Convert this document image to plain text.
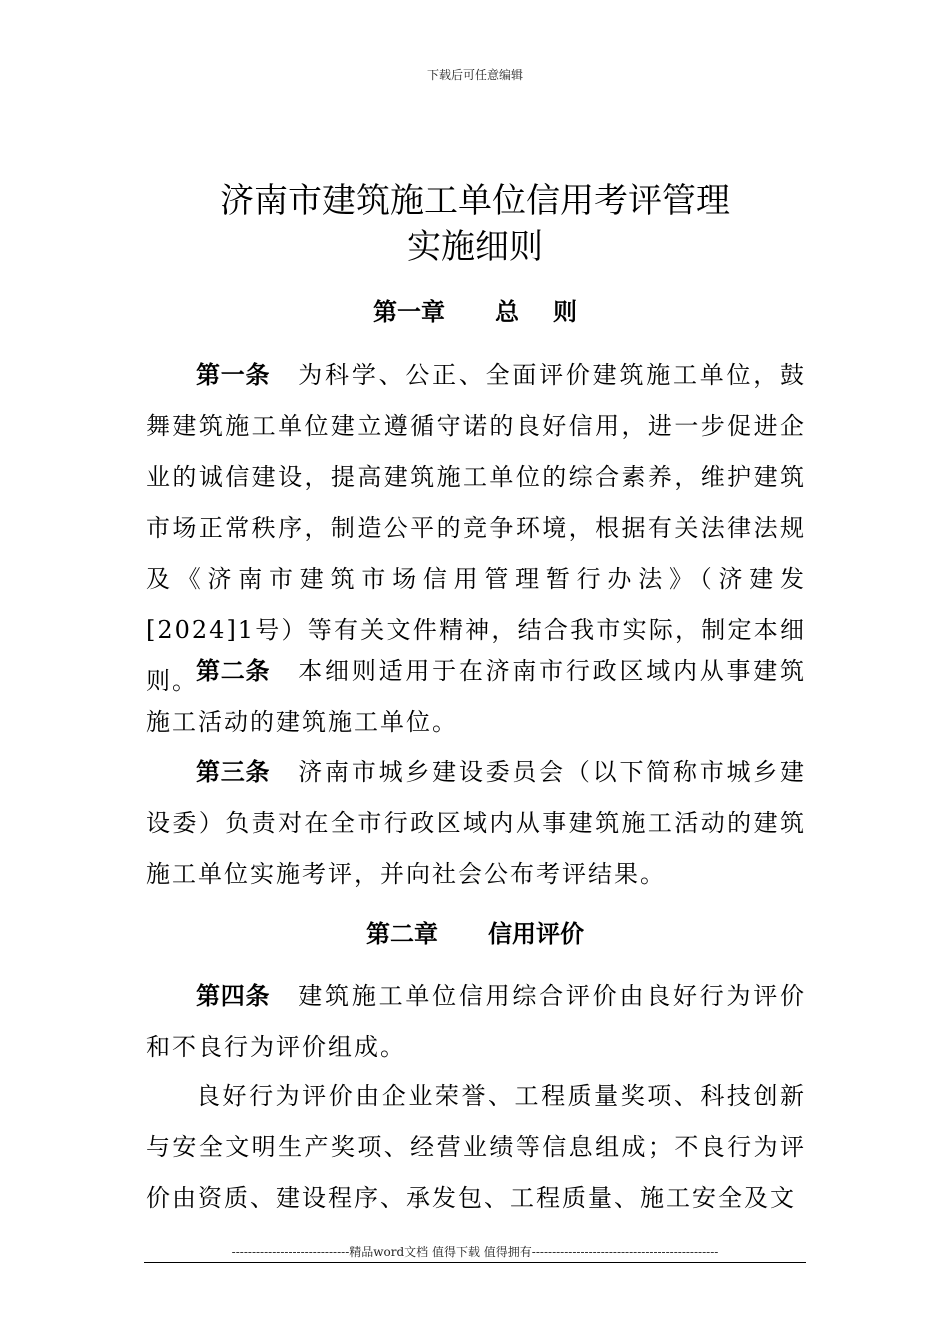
下载后可任意编辑
济南市建筑施工单位信用考评管理
实施细则
第一章 总则

第一条 为科学、公正、全面评价建筑施工单位，鼓舞建筑施工单位建立遵循守诺的良好信用，进一步促进企业的诚信建设，提高建筑施工单位的综合素养，维护建筑市场正常秩序，制造公平的竞争环境，根据有关法律法规及《济南市建筑市场信用管理暂行办法》（济建发[2024]1号）等有关文件精神，结合我市实际，制定本细则。

第二条 本细则适用于在济南市行政区域内从事建筑施工活动的建筑施工单位。

第三条 济南市城乡建设委员会（以下简称市城乡建设委）负责对在全市行政区域内从事建筑施工活动的建筑施工单位实施考评，并向社会公布考评结果。

第二章 信用评价

第四条 建筑施工单位信用综合评价由良好行为评价和不良行为评价组成。

良好行为评价由企业荣誉、工程质量奖项、科技创新与安全文明生产奖项、经营业绩等信息组成；不良行为评价由资质、建设程序、承发包、工程质量、施工安全及文

-----------------------------精品word文档 值得下载 值得拥有----------------------------------------------
